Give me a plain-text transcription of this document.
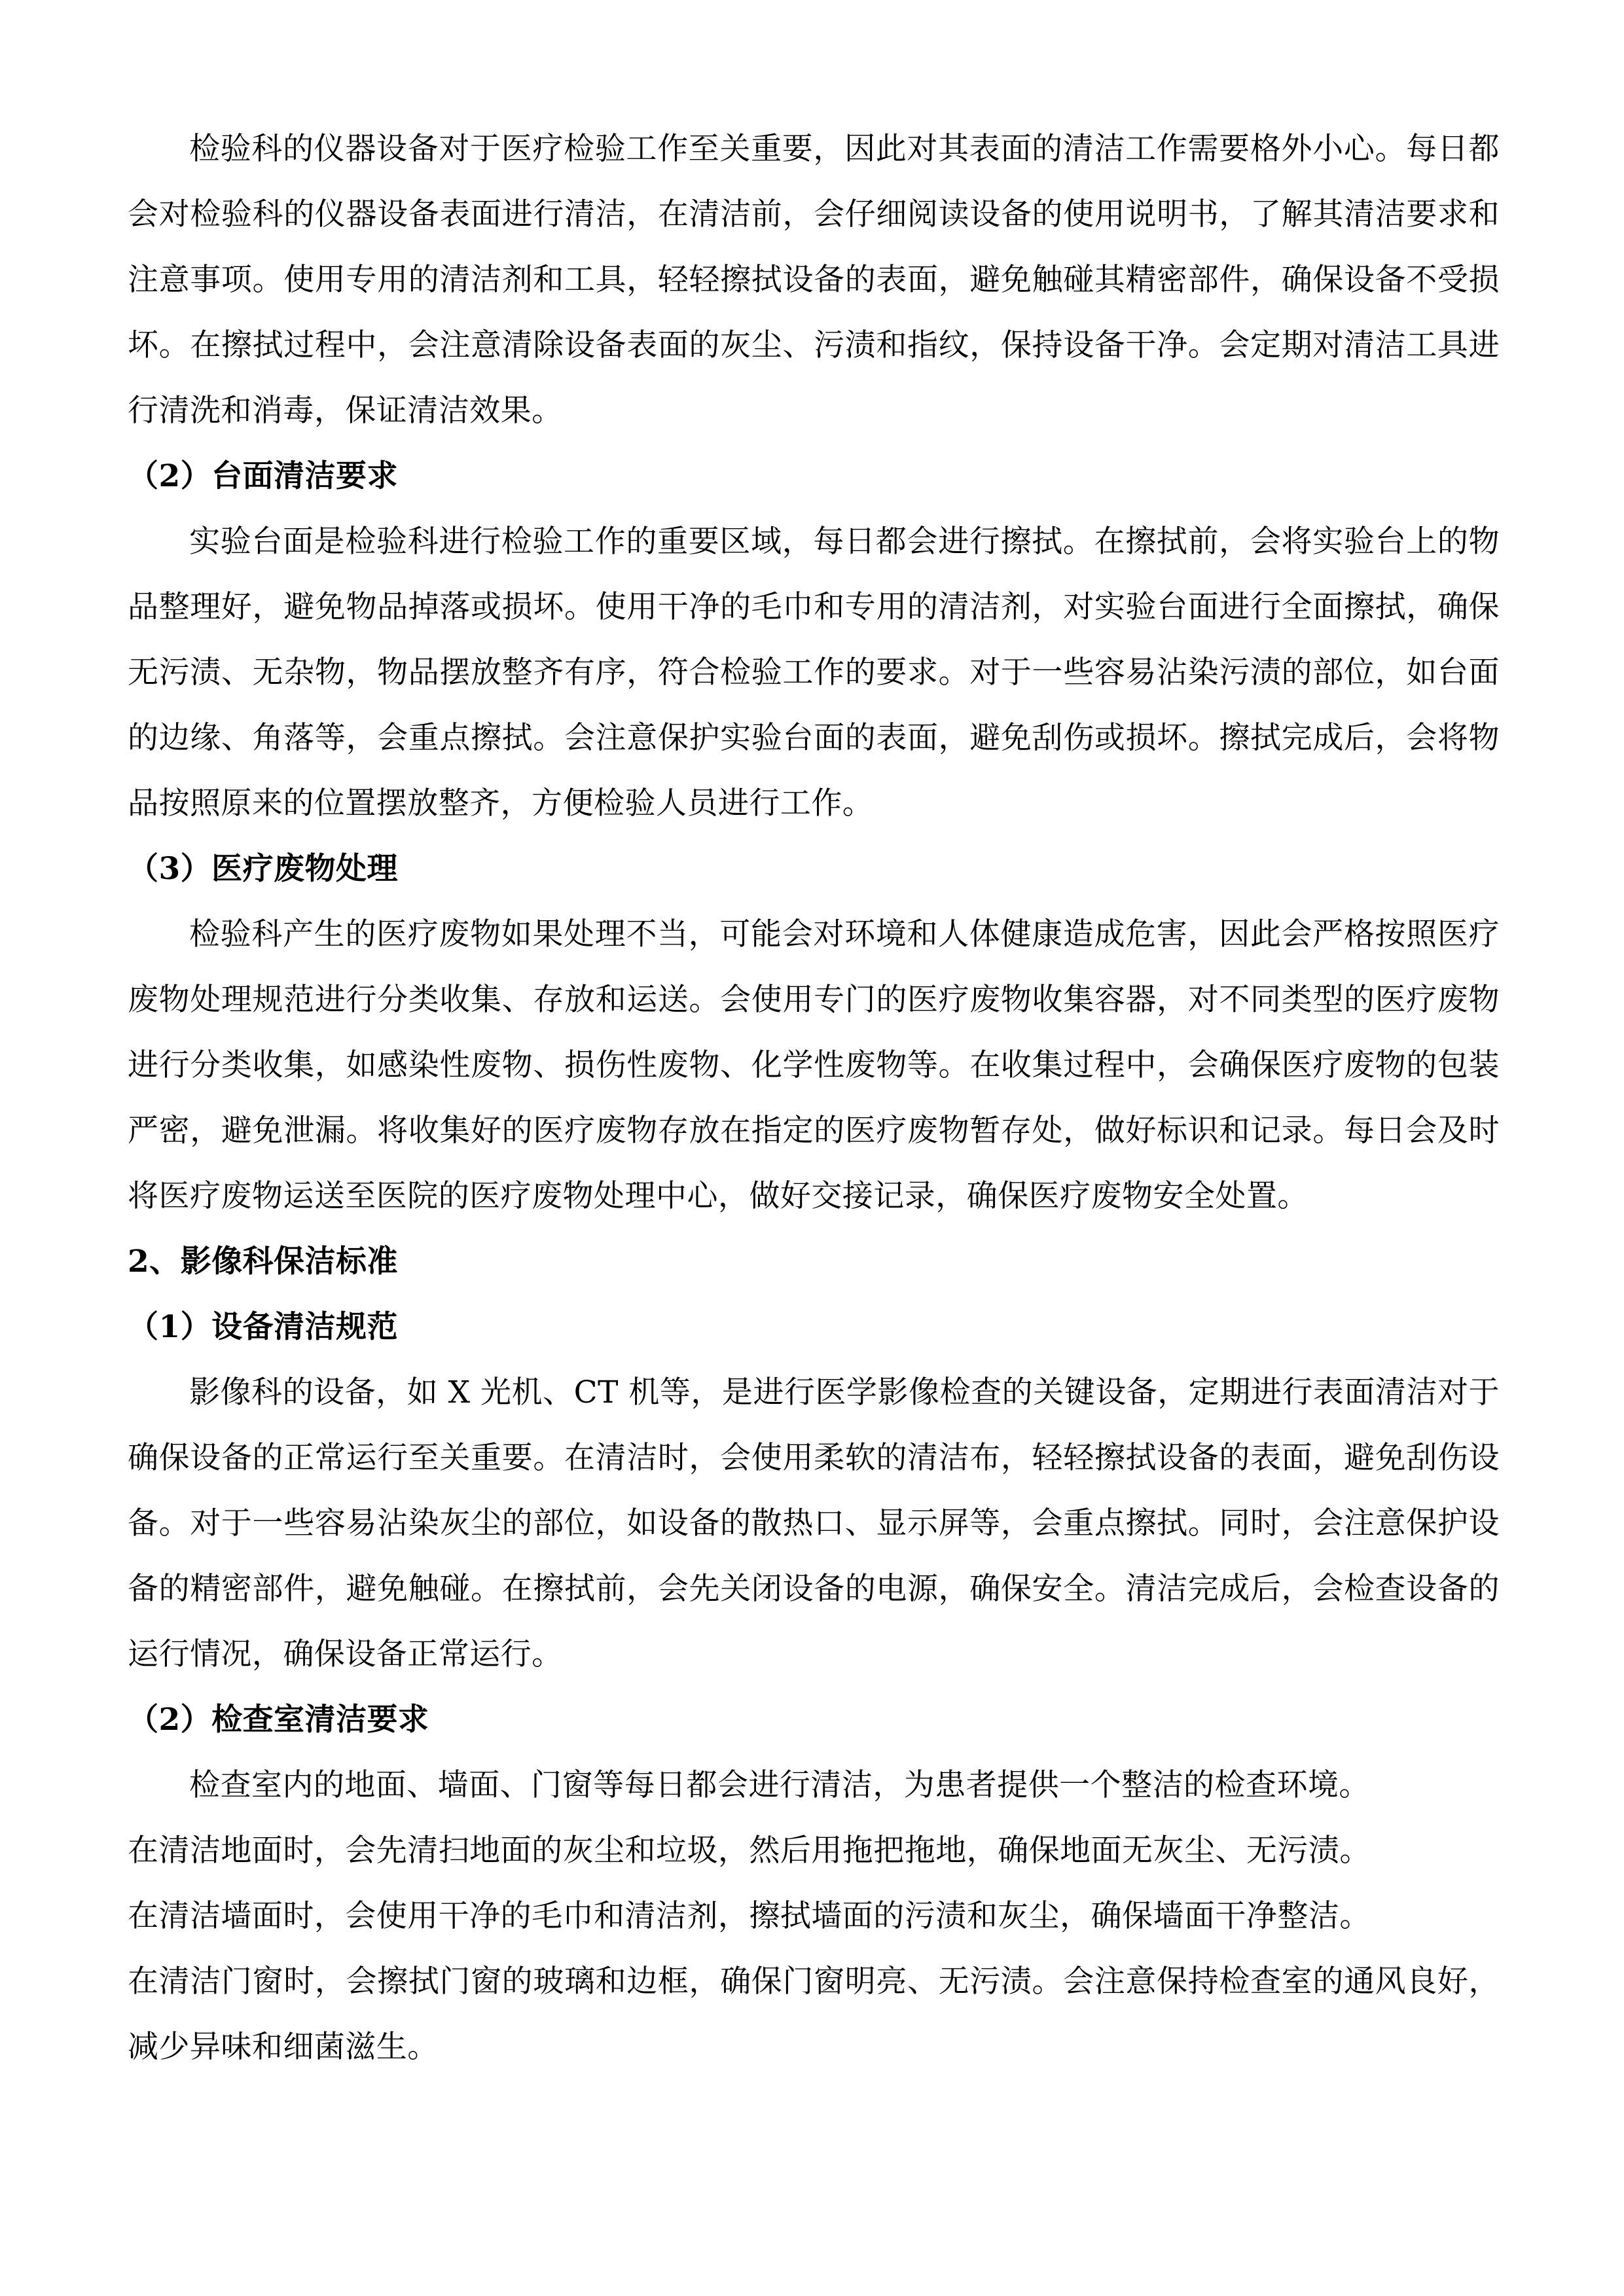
检验科的仪器设备对于医疗检验工作至关重要，因此对其表面的清洁工作需要格外小心。每日都会对检验科的仪器设备表面进行清洁，在清洁前，会仔细阅读设备的使用说明书，了解其清洁要求和注意事项。使用专用的清洁剂和工具，轻轻擦拭设备的表面，避免触碰其精密部件，确保设备不受损坏。在擦拭过程中，会注意清除设备表面的灰尘、污渍和指纹，保持设备干净。会定期对清洁工具进行清洗和消毒，保证清洁效果。

（2）台面清洁要求

实验台面是检验科进行检验工作的重要区域，每日都会进行擦拭。在擦拭前，会将实验台上的物品整理好，避免物品掉落或损坏。使用干净的毛巾和专用的清洁剂，对实验台面进行全面擦拭，确保无污渍、无杂物，物品摆放整齐有序，符合检验工作的要求。对于一些容易沾染污渍的部位，如台面的边缘、角落等，会重点擦拭。会注意保护实验台面的表面，避免刮伤或损坏。擦拭完成后，会将物品按照原来的位置摆放整齐，方便检验人员进行工作。

（3）医疗废物处理

检验科产生的医疗废物如果处理不当，可能会对环境和人体健康造成危害，因此会严格按照医疗废物处理规范进行分类收集、存放和运送。会使用专门的医疗废物收集容器，对不同类型的医疗废物进行分类收集，如感染性废物、损伤性废物、化学性废物等。在收集过程中，会确保医疗废物的包装严密，避免泄漏。将收集好的医疗废物存放在指定的医疗废物暂存处，做好标识和记录。每日会及时将医疗废物运送至医院的医疗废物处理中心，做好交接记录，确保医疗废物安全处置。

2、影像科保洁标准

（1）设备清洁规范

影像科的设备，如 X 光机、CT 机等，是进行医学影像检查的关键设备，定期进行表面清洁对于确保设备的正常运行至关重要。在清洁时，会使用柔软的清洁布，轻轻擦拭设备的表面，避免刮伤设备。对于一些容易沾染灰尘的部位，如设备的散热口、显示屏等，会重点擦拭。同时，会注意保护设备的精密部件，避免触碰。在擦拭前，会先关闭设备的电源，确保安全。清洁完成后，会检查设备的运行情况，确保设备正常运行。

（2）检查室清洁要求

检查室内的地面、墙面、门窗等每日都会进行清洁，为患者提供一个整洁的检查环境。

在清洁地面时，会先清扫地面的灰尘和垃圾，然后用拖把拖地，确保地面无灰尘、无污渍。

在清洁墙面时，会使用干净的毛巾和清洁剂，擦拭墙面的污渍和灰尘，确保墙面干净整洁。

在清洁门窗时，会擦拭门窗的玻璃和边框，确保门窗明亮、无污渍。会注意保持检查室的通风良好，减少异味和细菌滋生。
